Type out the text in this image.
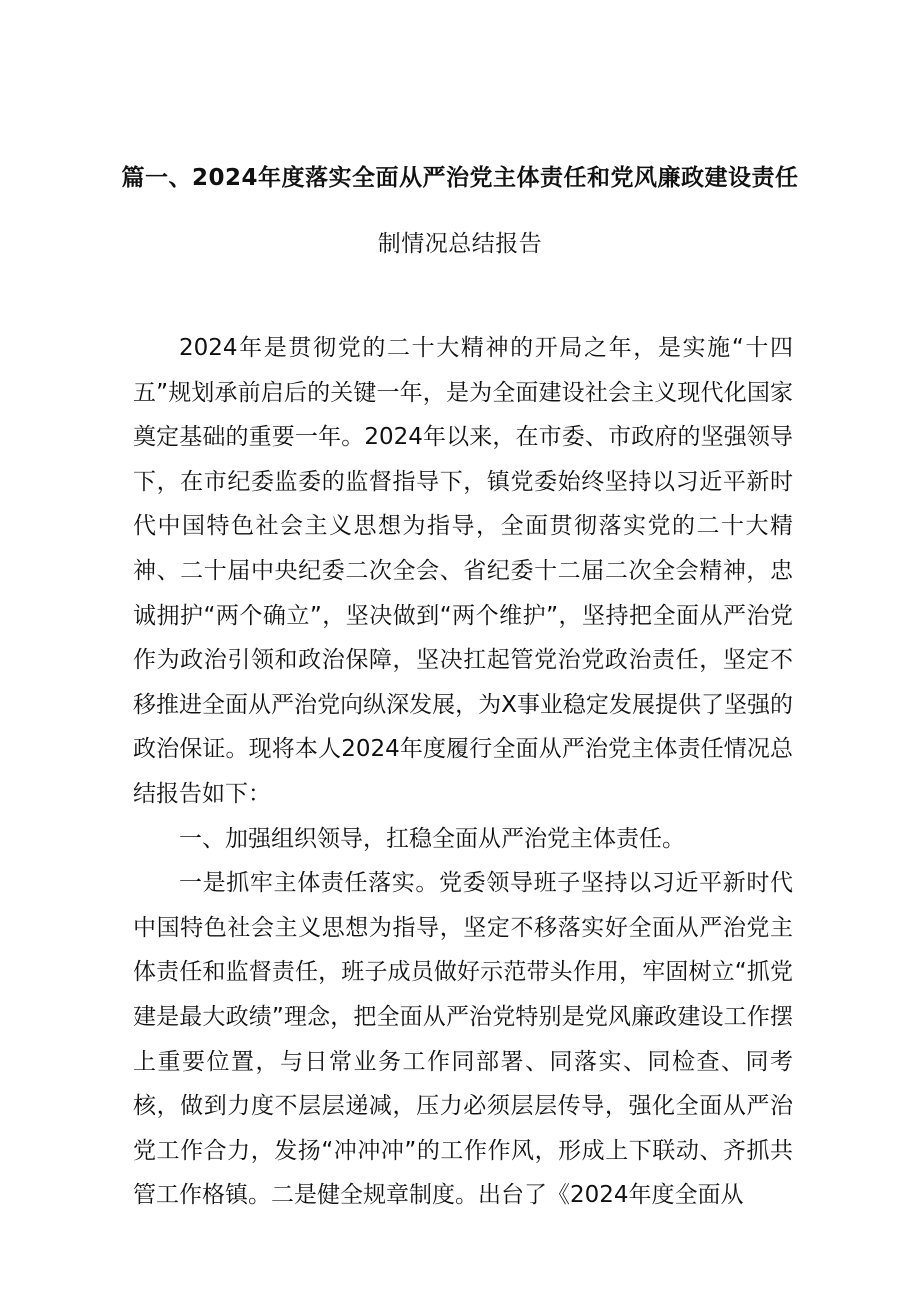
篇一、2024年度落实全面从严治党主体责任和党风廉政建设责任
制情况总结报告

2024年是贯彻党的二十大精神的开局之年，是实施“十四五”规划承前启后的关键一年，是为全面建设社会主义现代化国家奠定基础的重要一年。2024年以来，在市委、市政府的坚强领导下，在市纪委监委的监督指导下，镇党委始终坚持以习近平新时代中国特色社会主义思想为指导，全面贯彻落实党的二十大精神、二十届中央纪委二次全会、省纪委十二届二次全会精神，忠诚拥护“两个确立”，坚决做到“两个维护”，坚持把全面从严治党作为政治引领和政治保障，坚决扛起管党治党政治责任，坚定不移推进全面从严治党向纵深发展，为X事业稳定发展提供了坚强的政治保证。现将本人2024年度履行全面从严治党主体责任情况总结报告如下：

一、加强组织领导，扛稳全面从严治党主体责任。

一是抓牢主体责任落实。党委领导班子坚持以习近平新时代中国特色社会主义思想为指导，坚定不移落实好全面从严治党主体责任和监督责任，班子成员做好示范带头作用，牢固树立“抓党建是最大政绩”理念，把全面从严治党特别是党风廉政建设工作摆上重要位置，与日常业务工作同部署、同落实、同检查、同考核，做到力度不层层递减，压力必须层层传导，强化全面从严治党工作合力，发扬“冲冲冲”的工作作风，形成上下联动、齐抓共管工作格镇。二是健全规章制度。出台了《2024年度全面从
